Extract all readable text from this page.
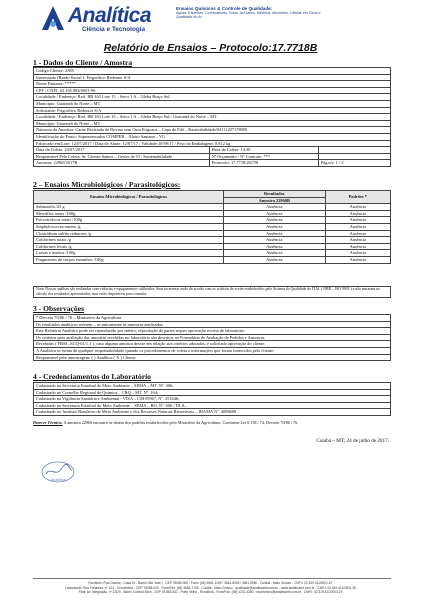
Analítica
Ciência e Tecnologia
Ensaios Químicos & Controle de Qualidade:
Águas, Efluentes, Combustíveis, Solos, Ar/Gases, Minérios, Alimentos, Cêlulas em Geral e Qualidade do Ar
Relatório de Ensaios – Protocolo:17.7718B
1 - Dados do Cliente / Amostra
Código Cliente: 2585		
Interessado (Razão Social ): Frigorífico Redentor S/A		
Nome Fantasia: *****		
CPF / CNPJ: 02.165.984/0001-96		
Localidade / Endereço: Rod. BR 163 Lote 15 – Setor 1 A – Gleba Braço Sul		
Município: Guarantã do Norte – MT		
Solicitante: Frigorífico Redentor S/A		
Localidade / Endereço: Rod. BR 163 Lote 15 – Setor 1 A – Gleba Braço Sul / Guarantã do Norte – MT		
Município: Guarantã do Norte – MT.		
Natureza da Amostra: Carne Resfriada de Bovino sem Ossa Frigoaca – Capa de Filé – Rastreabilidade/04111207178000		
Identificação do Ponto: Supermercados COMPER – Alziro Santana – VG		
Fabricado em/Lote: 12/07/2017 / Data do Abate: 12/07/17 / Validade:10/09/17 / Peso da Embalagem: 0,812 kg		
Data da Coleta: 23/07/2017	Hora da Coleta: 14:30	
Responsável Pela Coleta: Sr. Giovan Santos – Gestor de TI / Sustentabilidade	Nº Orçamento / Nº Contrato: ***	
Amostra: 22960/2017B	Protocolo: 17.7718/2017B	Pág.n/r: 1 / 2
2 – Ensaios Microbiológicos / Parasitológicos:
Ensaios Microbiológicos / Parasitológicos	Resultados	Padrões *
	Amostra 22960B	
Salmonela /25 g	Ausência	Ausência
Mesófilos totais /100g	Ausência	Ausência
Psicrotróficos totais /100g	Ausência	Ausência
Staphylococcus aureus /g	Ausência	Ausência
Clostridium sulfito redutores /g	Ausência	Ausência
Coliformes totais /g	Ausência	Ausência
Coliformes fecais /g	Ausência	Ausência
Larvas e insetos /100g	Ausência	Ausência
Fragmentos de corpos estranhos /100g	Ausência	Ausência
Nota: Nossas análises são realizadas com vidrarias e equipamentos calibrados. Suas incertezas estão de acordo com os critérios de aceite estabelecidos pelo Sistema da Qualidade do ITAL ( NBR – ISO 9001 ) e não entraram no cálculo dos resultados apresentados, mas estão disponíveis para consulta.
3 - Observações
* Decreto 70/86 / 76 – Ministério da Agricultura.
Os resultados analíticos referem – se unicamente às amostras analisadas.
Este Relatório Analítico pode ser reproduzido por inteiro, reprodução de partes requer aprovação escrita do laboratório.
Os critérios para avaliação das amostras recebidas no laboratório são descritos no Formulário de Avaliação de Pedidos e Amostras
Recebidas ( FRM –SCQ-01/1.1 ), caso alguma amostra desvie em relação aos critérios adotados, é solicitado aprovação do cliente.
A Analítica se isenta de qualquer responsabilidade quando os procedimentos de coleta e informações que foram fornecidos pelo cliente:
Responsável pela amostragem: ( ) Analítica ( X ) Cliente
4 - Credenciamentos do Laboratório
Cadastrado na Secretaria Estadual de Meio Ambiente – SEMA – MT. Nº. 306;
Cadastrado no Conselho Regional de Química – CRQ – MT. Nº. 164;
Cadastrado na Vigilância Sanitária e Ambiental - VISA – CM 95967, Nº. 351646;
Cadastrado na Secretaria Estadual do Meio Ambiente – SEMA – RO. Nº. 006 / DLA;
Cadastrado no Instituto Brasileiro de Meio Ambiente e dos Recursos Naturais Renováveis – IBAMA Nº. 4098609
Parecer Técnico: A amostra 22960 encontra-se dentro dos padrões estabelecidos pelo Ministério da Agricultura, Conforme Lei 8.158 / 74, Decreto 70/86 / 76.
Cuiabá – MT; 24 de julho de 2017.
Analítica
Escritório: Rua Ocaído - Casa 14 - Bairro São José I - CEP 78080-000 - Fone: (65) 3661-1109 / 3661-8008 / 3661-5580 - Cuiabá - Mato Grosso - CNPJ: 02.519.411/0001-67
Laboratório: Rua Fortaleza, nº 101 - Cruzeirinho - CEP 78085-000 - Fone/Fax: (65) 3665-7795 - Cuiabá - Mato Grosso - qualidade@analiticamt.com.br - www.analiticamt.com.br - CNPJ: 02.519.411/0002-48
Filial: Av. Integração, nº 2.629 - Bairro Colônia Silva - CEP 78.883-631 - Porto Velho - Rondônia - Fone/Fax: (69) 3222-4280 - escritorioro@analiticamt.com.br - CNPJ: 02.519.411/0003-29
